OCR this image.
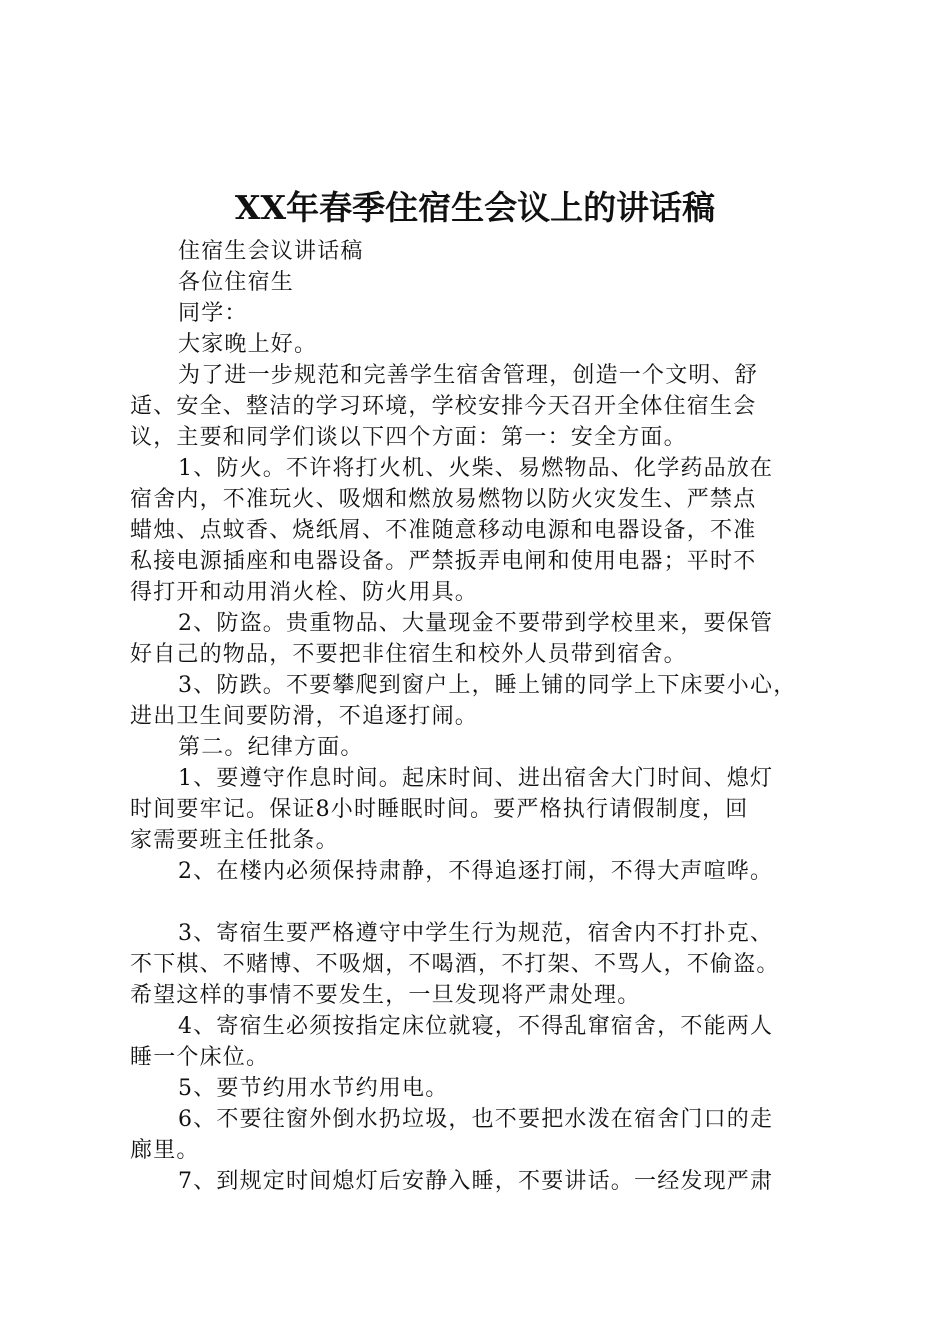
XX年春季住宿生会议上的讲话稿
住宿生会议讲话稿
各位住宿生
同学：
大家晚上好。
为了进一步规范和完善学生宿舍管理，创造一个文明、舒
适、安全、整洁的学习环境，学校安排今天召开全体住宿生会
议，主要和同学们谈以下四个方面：第一：安全方面。
1、防火。不许将打火机、火柴、易燃物品、化学药品放在
宿舍内，不准玩火、吸烟和燃放易燃物以防火灾发生、严禁点
蜡烛、点蚊香、烧纸屑、不准随意移动电源和电器设备，不准
私接电源插座和电器设备。严禁扳弄电闸和使用电器；平时不
得打开和动用消火栓、防火用具。
2、防盗。贵重物品、大量现金不要带到学校里来，要保管
好自己的物品，不要把非住宿生和校外人员带到宿舍。
3、防跌。不要攀爬到窗户上，睡上铺的同学上下床要小心，
进出卫生间要防滑，不追逐打闹。
第二。纪律方面。
1、要遵守作息时间。起床时间、进出宿舍大门时间、熄灯
时间要牢记。保证8小时睡眠时间。要严格执行请假制度，回
家需要班主任批条。
2、在楼内必须保持肃静，不得追逐打闹，不得大声喧哗。
3、寄宿生要严格遵守中学生行为规范，宿舍内不打扑克、
不下棋、不赌博、不吸烟，不喝酒，不打架、不骂人，不偷盗。
希望这样的事情不要发生，一旦发现将严肃处理。
4、寄宿生必须按指定床位就寝，不得乱窜宿舍，不能两人
睡一个床位。
5、要节约用水节约用电。
6、不要往窗外倒水扔垃圾，也不要把水泼在宿舍门口的走
廊里。
7、到规定时间熄灯后安静入睡，不要讲话。一经发现严肃
